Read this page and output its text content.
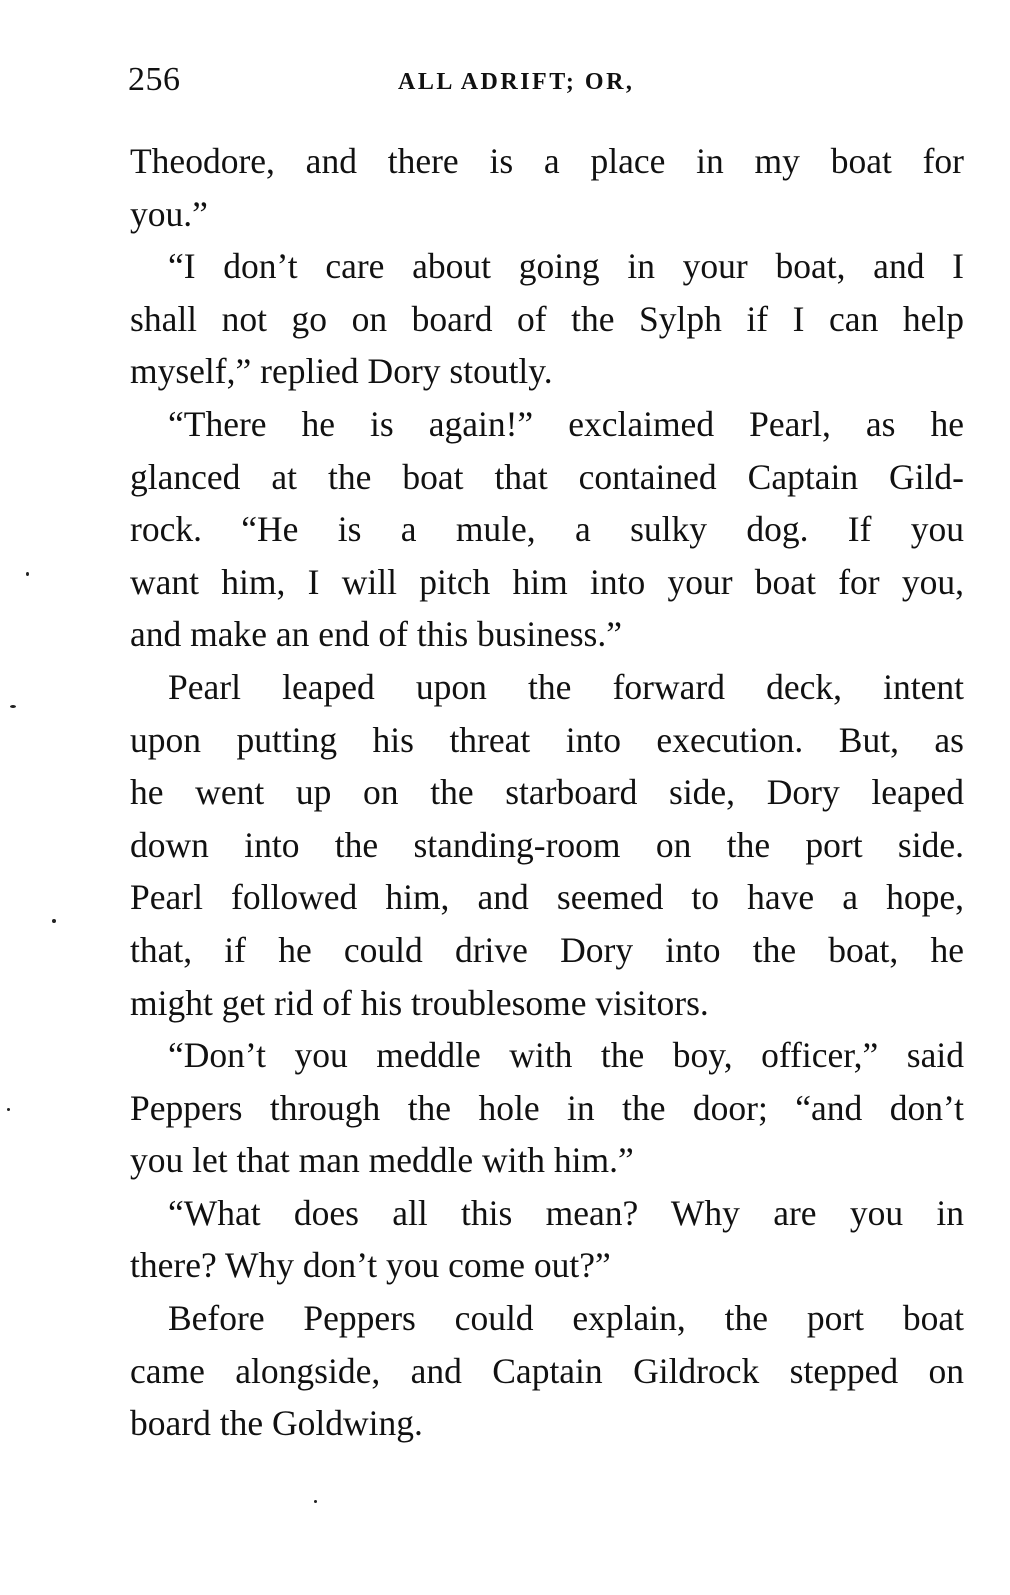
256	ALL ADRIFT; OR,
Theodore, and there is a place in my boat for
you.”
“I don’t care about going in your boat, and I
shall not go on board of the Sylph if I can help
myself,” replied Dory stoutly.
“There he is again!” exclaimed Pearl, as he
glanced at the boat that contained Captain Gild-
rock. “He is a mule, a sulky dog. If you
want him, I will pitch him into your boat for you,
and make an end of this business.”
Pearl leaped upon the forward deck, intent
upon putting his threat into execution. But, as
he went up on the starboard side, Dory leaped
down into the standing-room on the port side.
Pearl followed him, and seemed to have a hope,
that, if he could drive Dory into the boat, he
might get rid of his troublesome visitors.
“Don’t you meddle with the boy, officer,” said
Peppers through the hole in the door; “and don’t
you let that man meddle with him.”
“What does all this mean? Why are you in
there? Why don’t you come out?”
Before Peppers could explain, the port boat
came alongside, and Captain Gildrock stepped on
board the Goldwing.
